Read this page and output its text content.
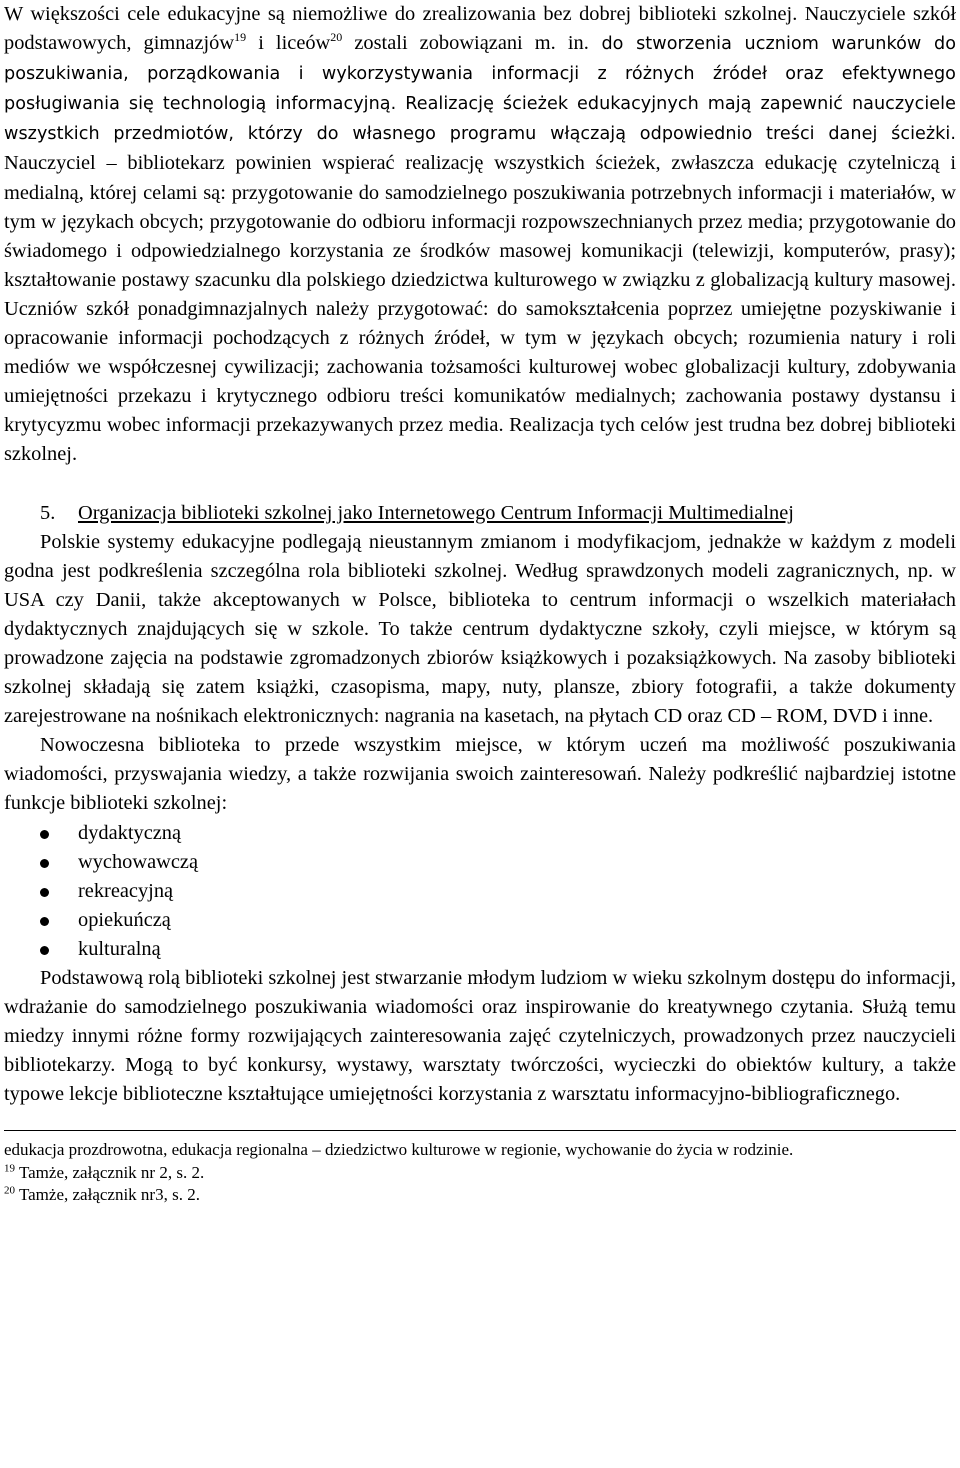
W większości cele edukacyjne są niemożliwe do zrealizowania bez dobrej biblioteki szkolnej. Nauczyciele szkół podstawowych, gimnazjów$^{19}$ i liceów$^{20}$ zostali zobowiązani m. in. do stworzenia uczniom warunków do poszukiwania, porządkowania i wykorzystywania informacji z różnych źródeł oraz efektywnego posługiwania się technologią informacyjną. Realizację ścieżek edukacyjnych mają zapewnić nauczyciele wszystkich przedmiotów, którzy do własnego programu włączają odpowiednio treści danej ścieżki. Nauczyciel – bibliotekarz powinien wspierać realizację wszystkich ścieżek, zwłaszcza edukację czytelniczą i medialną, której celami są: przygotowanie do samodzielnego poszukiwania potrzebnych informacji i materiałów, w tym w językach obcych; przygotowanie do odbioru informacji rozpowszechnianych przez media; przygotowanie do świadomego i odpowiedzialnego korzystania ze środków masowej komunikacji (telewizji, komputerów, prasy); kształtowanie postawy szacunku dla polskiego dziedzictwa kulturowego w związku z globalizacją kultury masowej. Uczniów szkół ponadgimnazjalnych należy przygotować: do samokształcenia poprzez umiejętne pozyskiwanie i opracowanie informacji pochodzących z różnych źródeł, w tym w językach obcych; rozumienia natury i roli mediów we współczesnej cywilizacji; zachowania tożsamości kulturowej wobec globalizacji kultury, zdobywania umiejętności przekazu i krytycznego odbioru treści komunikatów medialnych; zachowania postawy dystansu i krytycyzmu wobec informacji przekazywanych przez media. Realizacja tych celów jest trudna bez dobrej biblioteki szkolnej.

5.	Organizacja biblioteki szkolnej jako Internetowego Centrum Informacji Multimedialnej

Polskie systemy edukacyjne podlegają nieustannym zmianom i modyfikacjom, jednakże w każdym z modeli godna jest podkreślenia szczególna rola biblioteki szkolnej. Według sprawdzonych modeli zagranicznych, np. w USA czy Danii, także akceptowanych w Polsce, biblioteka to centrum informacji o wszelkich materiałach dydaktycznych znajdujących się w szkole. To także centrum dydaktyczne szkoły, czyli miejsce, w którym są prowadzone zajęcia na podstawie zgromadzonych zbiorów książkowych i pozaksiążkowych. Na zasoby biblioteki szkolnej składają się zatem książki, czasopisma, mapy, nuty, plansze, zbiory fotografii, a także dokumenty zarejestrowane na nośnikach elektronicznych: nagrania na kasetach, na płytach CD oraz CD – ROM, DVD i inne.

Nowoczesna biblioteka to przede wszystkim miejsce, w którym uczeń ma możliwość poszukiwania wiadomości, przyswajania wiedzy, a także rozwijania swoich zainteresowań. Należy podkreślić najbardziej istotne funkcje biblioteki szkolnej:

dydaktyczną
wychowawczą
rekreacyjną
opiekuńczą
kulturalną

Podstawową rolą biblioteki szkolnej jest stwarzanie młodym ludziom w wieku szkolnym dostępu do informacji, wdrażanie do samodzielnego poszukiwania wiadomości oraz inspirowanie do kreatywnego czytania. Służą temu miedzy innymi różne formy rozwijających zainteresowania zajęć czytelniczych, prowadzonych przez nauczycieli bibliotekarzy. Mogą to być konkursy, wystawy, warsztaty twórczości, wycieczki do obiektów kultury, a także typowe lekcje biblioteczne kształtujące umiejętności korzystania z warsztatu informacyjno-bibliograficznego.

edukacja prozdrowotna, edukacja regionalna – dziedzictwo kulturowe w regionie, wychowanie do życia w rodzinie.

$^{19}$ Tamże, załącznik nr 2, s. 2.

$^{20}$ Tamże, załącznik nr3, s. 2.
